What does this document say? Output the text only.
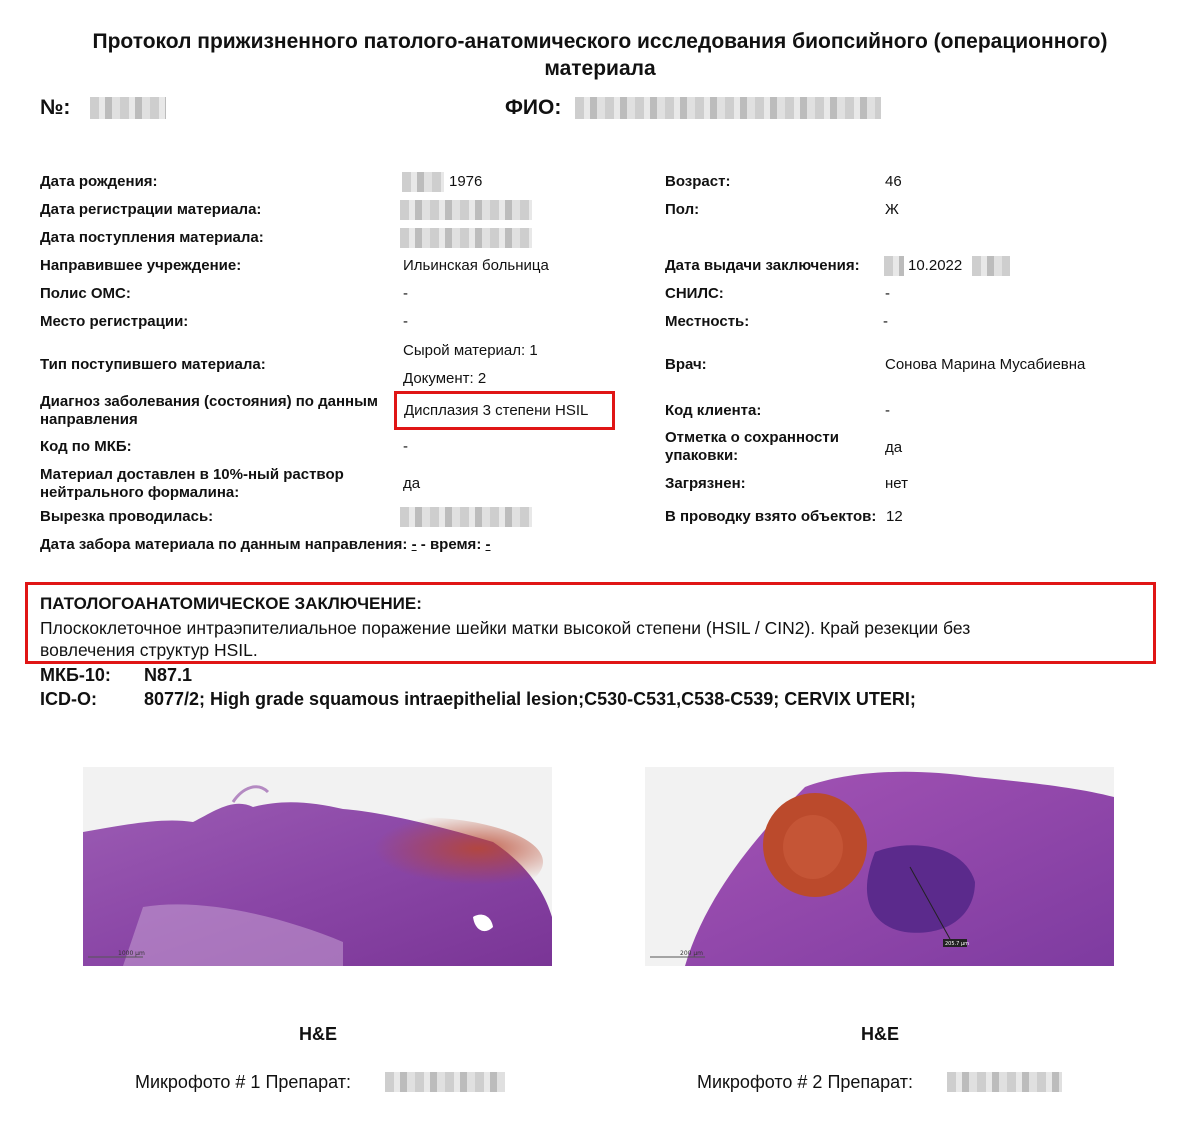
Протокол прижизненного патолого-анатомического исследования биопсийного (операционного) материала
№:	ФИО:
Дата рождения:
Дата регистрации материала:
Дата поступления материала:
Направившее учреждение:
Полис ОМС:
Место регистрации:
Тип поступившего материала:
Диагноз заболевания (состояния) по данным
направления
Код по МКБ:
Материал доставлен в 10%-ный раствор
нейтрального формалина:
Вырезка проводилась:
Дата забора материала по данным направления: - - время: -
1976
Ильинская больница
-
-
Сырой материал: 1
Документ: 2
Дисплазия 3 степени HSIL
-
да
Возраст:
Пол:
Дата выдачи заключения:
СНИЛС:
Местность:
Врач:
Код клиента:
Отметка о сохранности
упаковки:
Загрязнен:
В проводку взято объектов:
46
Ж
10.2022
-
-
Сонова Марина Мусабиевна
-
да
нет
12
ПАТОЛОГОАНАТОМИЧЕСКОЕ ЗАКЛЮЧЕНИЕ:
Плоскоклеточное интраэпителиальное поражение шейки матки высокой степени (HSIL / CIN2). Край резекции без
вовлечения структур HSIL.
МКБ-10: N87.1
ICD-O:	8077/2; High grade squamous intraepithelial lesion;C530-C531,C538-C539; CERVIX UTERI;
1000 µm
H&E
Микрофото # 1 Препарат:
205.7 µm
200 µm
H&E
Микрофото # 2 Препарат:
